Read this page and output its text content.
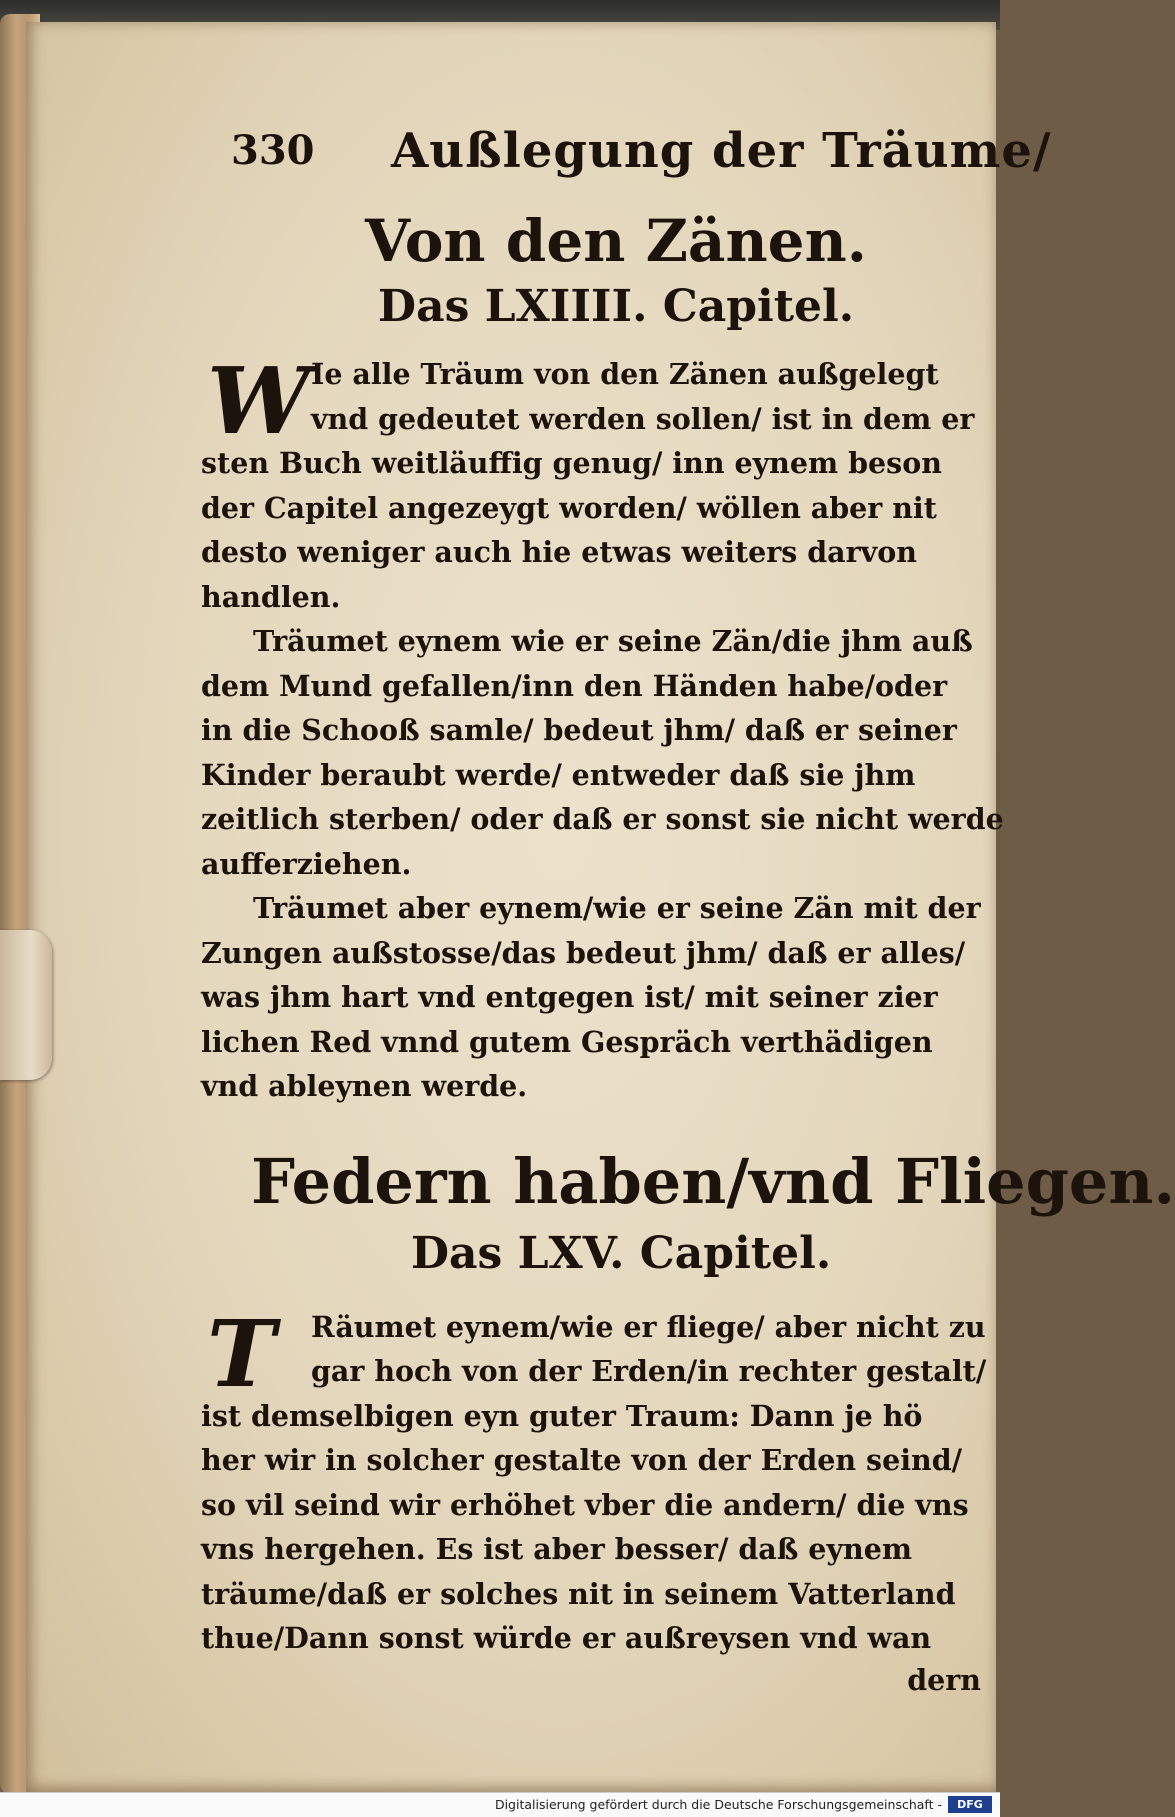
330 Außlegung der Träume/
Von den Zänen.
Das LXIIII. Capitel.
W Ie alle Träum von den Zänen außgelegt
vnd gedeutet werden sollen/ ist in dem er
sten Buch weitläuffig genug/ inn eynem beson
der Capitel angezeygt worden/ wöllen aber nit
desto weniger auch hie etwas weiters darvon
handlen.
Träumet eynem wie er seine Zän/die jhm auß
dem Mund gefallen/inn den Händen habe/oder
in die Schooß samle/ bedeut jhm/ daß er seiner
Kinder beraubt werde/ entweder daß sie jhm
zeitlich sterben/ oder daß er sonst sie nicht werde
aufferziehen.
Träumet aber eynem/wie er seine Zän mit der
Zungen außstosse/das bedeut jhm/ daß er alles/
was jhm hart vnd entgegen ist/ mit seiner zier
lichen Red vnnd gutem Gespräch verthädigen
vnd ableynen werde.
Federn haben/vnd Fliegen.
Das LXV. Capitel.
T	Räumet eynem/wie er fliege/ aber nicht zu
gar hoch von der Erden/in rechter gestalt/
ist demselbigen eyn guter Traum: Dann je hö
her wir in solcher gestalte von der Erden seind/
so vil seind wir erhöhet vber die andern/ die vns
vns hergehen. Es ist aber besser/ daß eynem
träume/daß er solches nit in seinem Vatterland
thue/Dann sonst würde er außreysen vnd wan
dern
Digitalisierung gefördert durch die Deutsche Forschungsgemeinschaft -	DFG
